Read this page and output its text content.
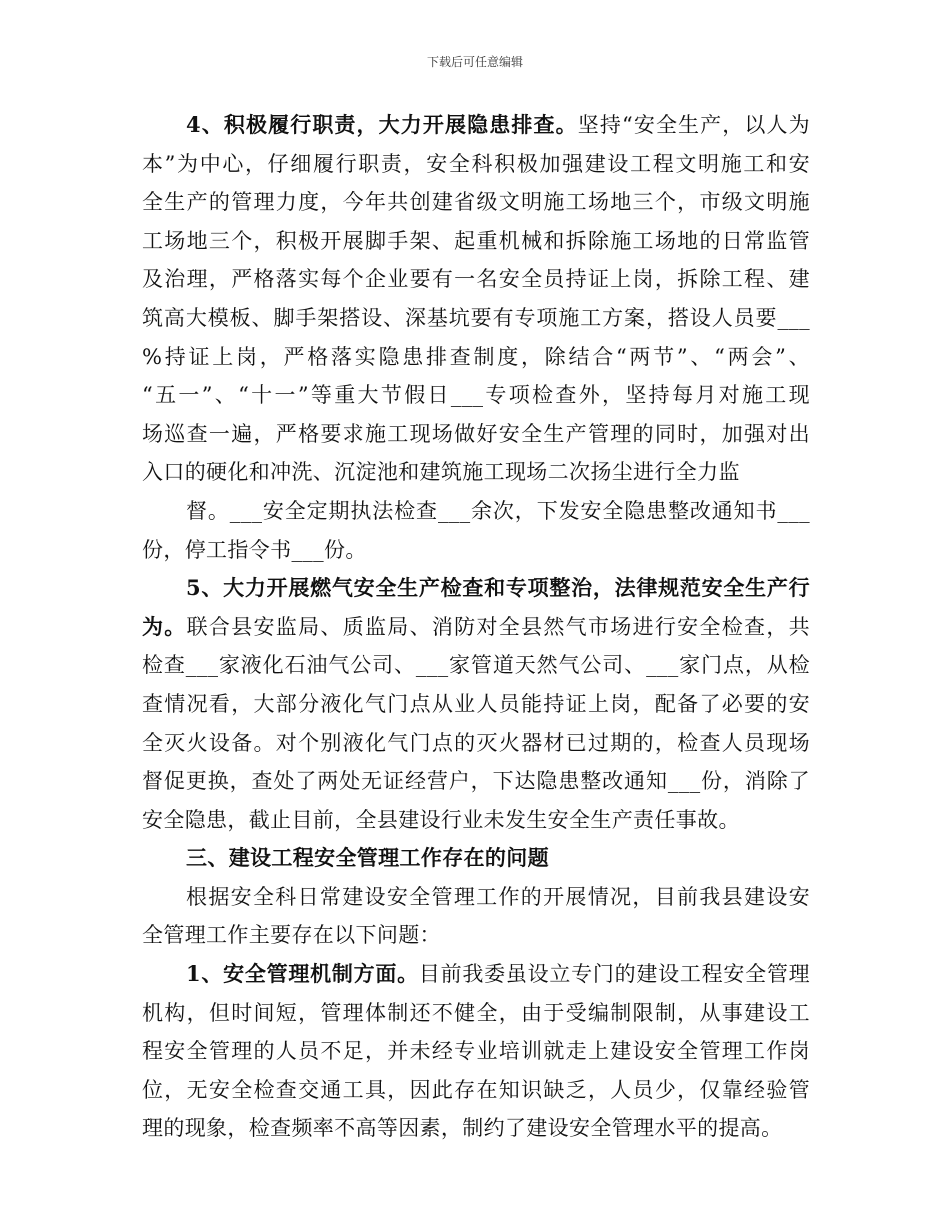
下载后可任意编辑
4、积极履行职责，大力开展隐患排查。坚持“安全生产，以人为
本”为中心，仔细履行职责，安全科积极加强建设工程文明施工和安
全生产的管理力度，今年共创建省级文明施工场地三个，市级文明施
工场地三个，积极开展脚手架、起重机械和拆除施工场地的日常监管
及治理，严格落实每个企业要有一名安全员持证上岗，拆除工程、建
筑高大模板、脚手架搭设、深基坑要有专项施工方案，搭设人员要___
%持证上岗，严格落实隐患排查制度，除结合“两节”、“两会”、
“五一”、“十一”等重大节假日___专项检查外，坚持每月对施工现
场巡查一遍，严格要求施工现场做好安全生产管理的同时，加强对出
入口的硬化和冲洗、沉淀池和建筑施工现场二次扬尘进行全力监
督。___安全定期执法检查___余次，下发安全隐患整改通知书___
份，停工指令书___份。
5、大力开展燃气安全生产检查和专项整治，法律规范安全生产行
为。联合县安监局、质监局、消防对全县然气市场进行安全检查，共
检查___家液化石油气公司、___家管道天然气公司、___家门点，从检
查情况看，大部分液化气门点从业人员能持证上岗，配备了必要的安
全灭火设备。对个别液化气门点的灭火器材已过期的，检查人员现场
督促更换，查处了两处无证经营户，下达隐患整改通知___份，消除了
安全隐患，截止目前，全县建设行业未发生安全生产责任事故。
三、建设工程安全管理工作存在的问题
根据安全科日常建设安全管理工作的开展情况，目前我县建设安
全管理工作主要存在以下问题：
1、安全管理机制方面。目前我委虽设立专门的建设工程安全管理
机构，但时间短，管理体制还不健全，由于受编制限制，从事建设工
程安全管理的人员不足，并未经专业培训就走上建设安全管理工作岗
位，无安全检查交通工具，因此存在知识缺乏，人员少，仅靠经验管
理的现象，检查频率不高等因素，制约了建设安全管理水平的提高。
